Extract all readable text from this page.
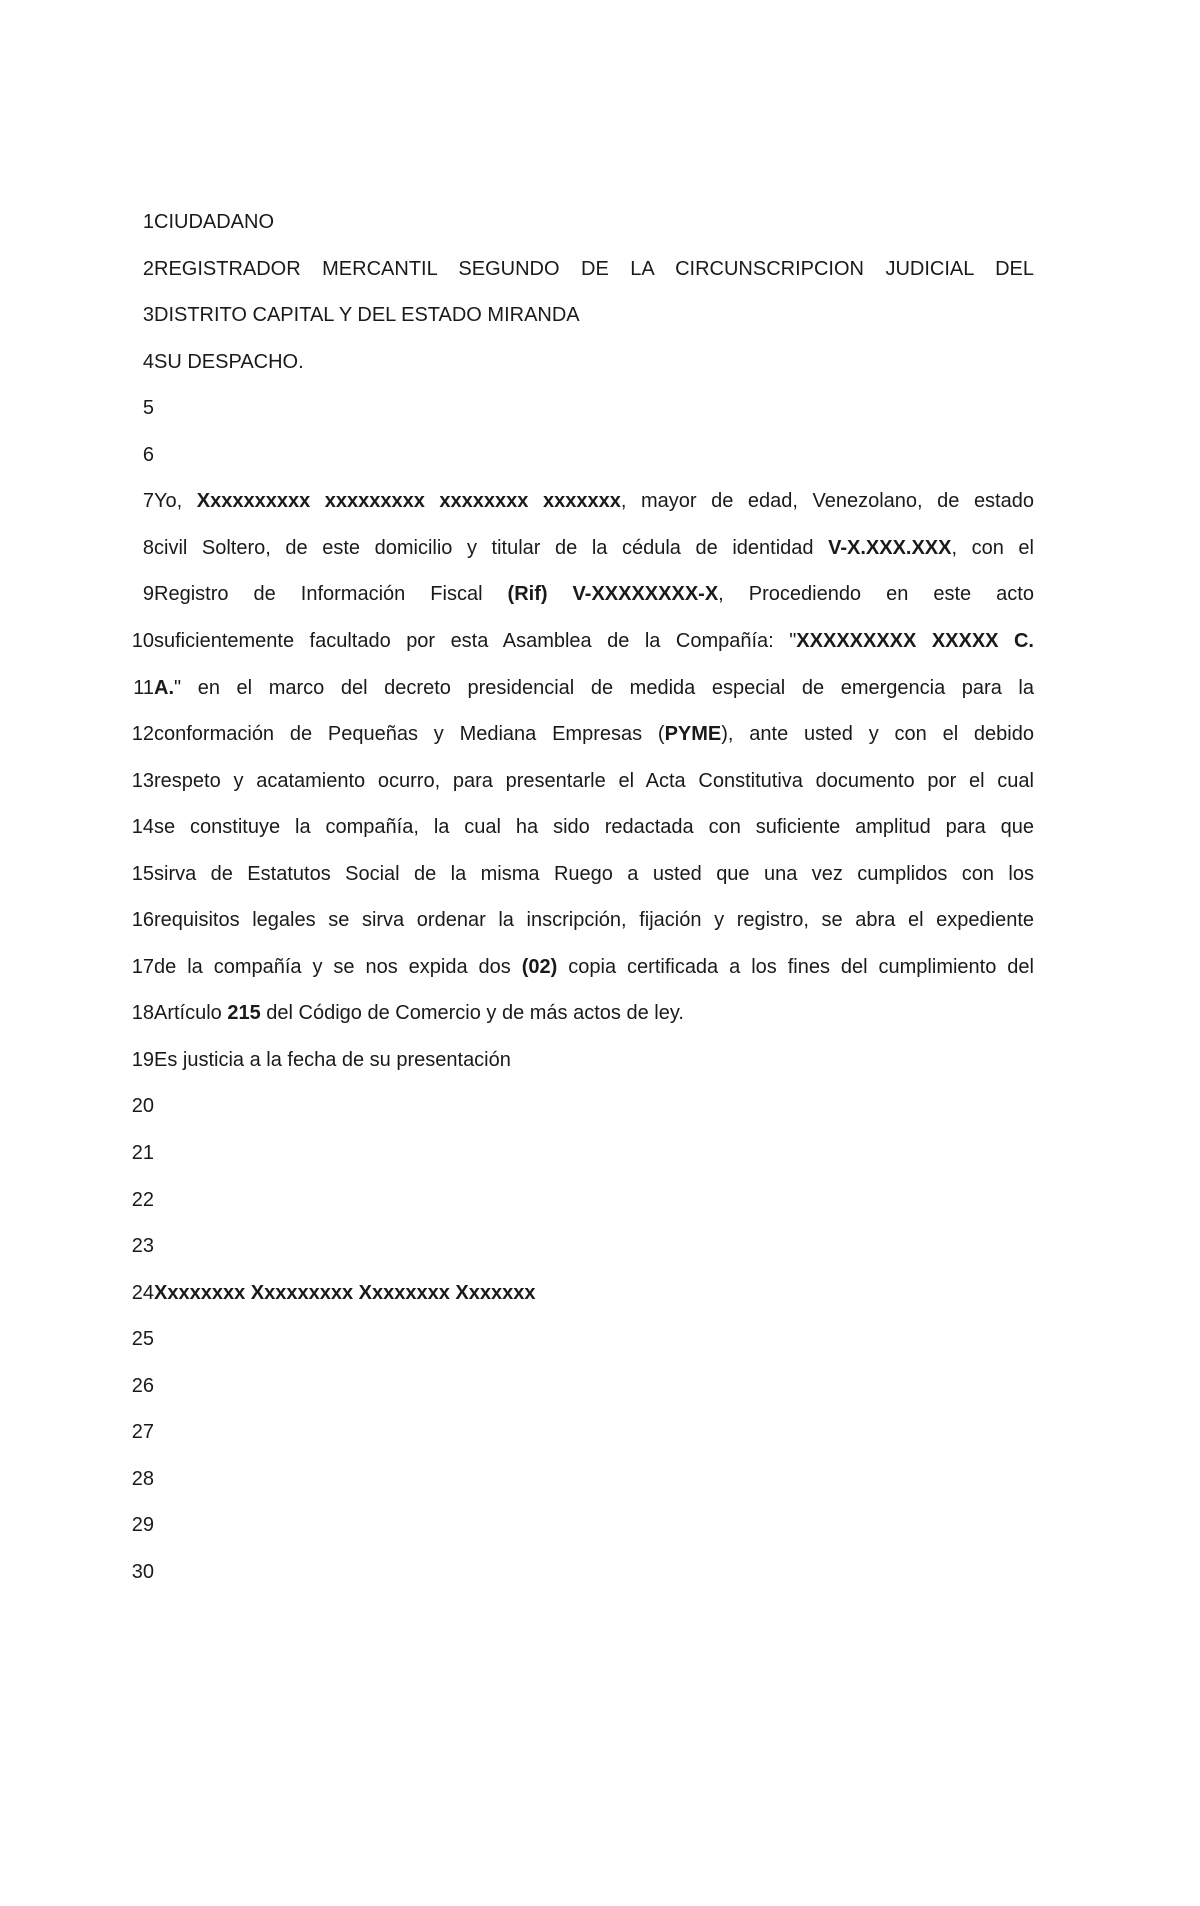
1 CIUDADANO
2 REGISTRADOR MERCANTIL SEGUNDO DE LA CIRCUNSCRIPCION JUDICIAL DEL
3 DISTRITO CAPITAL Y DEL ESTADO MIRANDA
4 SU DESPACHO.
5
6
7 Yo, Xxxxxxxxxx xxxxxxxxx xxxxxxxx xxxxxxx, mayor de edad, Venezolano, de estado
8 civil Soltero, de este domicilio y titular de la cédula de identidad V-X.XXX.XXX, con el
9 Registro de Información Fiscal (Rif) V-XXXXXXXX-X, Procediendo en este acto
10 suficientemente facultado por esta Asamblea de la Compañía: "XXXXXXXXX XXXXX C.
11 A." en el marco del decreto presidencial de medida especial de emergencia para la
12 conformación de Pequeñas y Mediana Empresas (PYME), ante usted y con el debido
13 respeto y acatamiento ocurro, para presentarle el Acta Constitutiva documento por el cual
14 se constituye la compañía, la cual ha sido redactada con suficiente amplitud para que
15 sirva de Estatutos Social de la misma Ruego a usted que una vez cumplidos con los
16 requisitos legales se sirva ordenar la inscripción, fijación y registro, se abra el expediente
17 de la compañía y se nos expida dos (02) copia certificada a los fines del cumplimiento del
18 Artículo 215 del Código de Comercio y de más actos de ley.
19 Es justicia a la fecha de su presentación
20
21
22
23
24 Xxxxxxxx Xxxxxxxxx Xxxxxxxx Xxxxxxx
25
26
27
28
29
30
